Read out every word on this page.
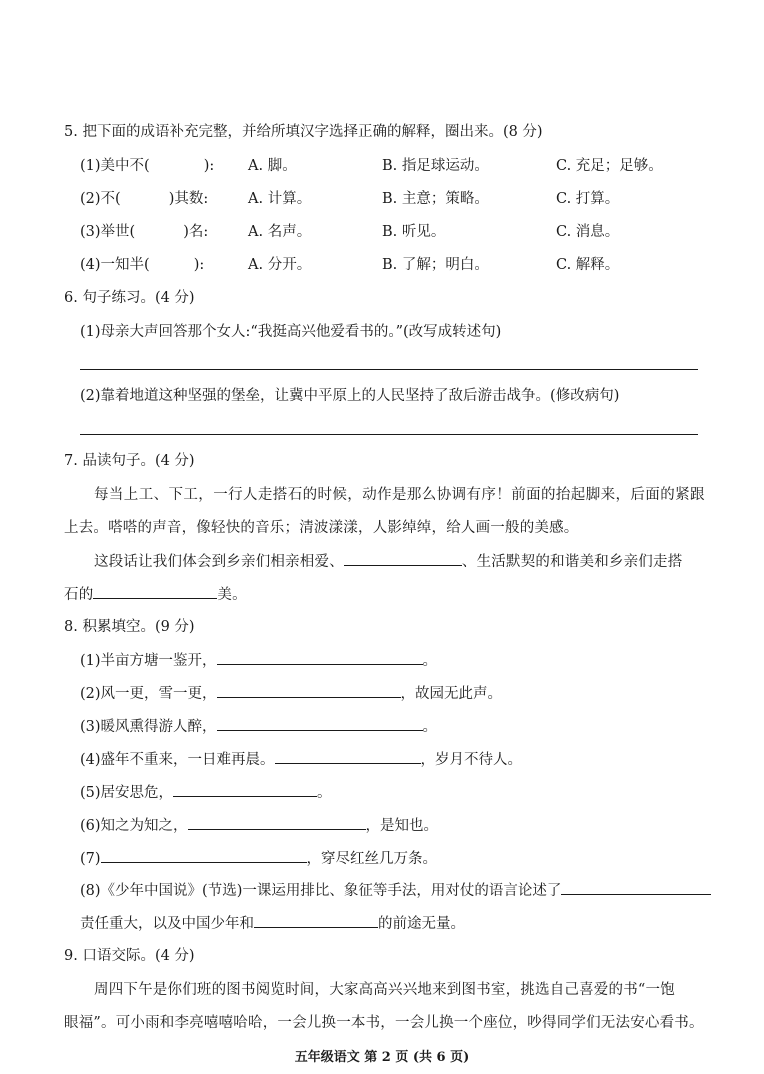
5. 把下面的成语补充完整，并给所填汉字选择正确的解释，圈出来。(8 分)
(1)美中不(	): A. 脚。	B. 指足球运动。	C. 充足；足够。
(2)不(	)其数:	A. 计算。	B. 主意；策略。	C. 打算。
(3)举世(	)名:	A. 名声。	B. 听见。	C. 消息。
(4)一知半(	):	A. 分开。	B. 了解；明白。	C. 解释。
6. 句子练习。(4 分)
(1)母亲大声回答那个女人:“我挺高兴他爱看书的。”(改写成转述句)
(2)靠着地道这种坚强的堡垒，让冀中平原上的人民坚持了敌后游击战争。(修改病句)
7. 品读句子。(4 分)
每当上工、下工，一行人走搭石的时候，动作是那么协调有序！前面的抬起脚来，后面的紧跟
上去。嗒嗒的声音，像轻快的音乐；清波漾漾，人影绰绰，给人画一般的美感。
这段话让我们体会到乡亲们相亲相爱、	、生活默契的和谐美和乡亲们走搭
石的	美。
8. 积累填空。(9 分)
(1)半亩方塘一鉴开，	。
(2)风一更，雪一更，	，故园无此声。
(3)暖风熏得游人醉，	。
(4)盛年不重来，一日难再晨。	，岁月不待人。
(5)居安思危，	。
(6)知之为知之，	，是知也。
(7)	，穿尽红丝几万条。
(8)《少年中国说》(节选)一课运用排比、象征等手法，用对仗的语言论述了
责任重大，以及中国少年和	的前途无量。
9. 口语交际。(4 分)
周四下午是你们班的图书阅览时间，大家高高兴兴地来到图书室，挑选自己喜爱的书“一饱
眼福”。可小雨和李亮嘻嘻哈哈，一会儿换一本书，一会儿换一个座位，吵得同学们无法安心看书。
五年级语文 第 2 页 (共 6 页)
